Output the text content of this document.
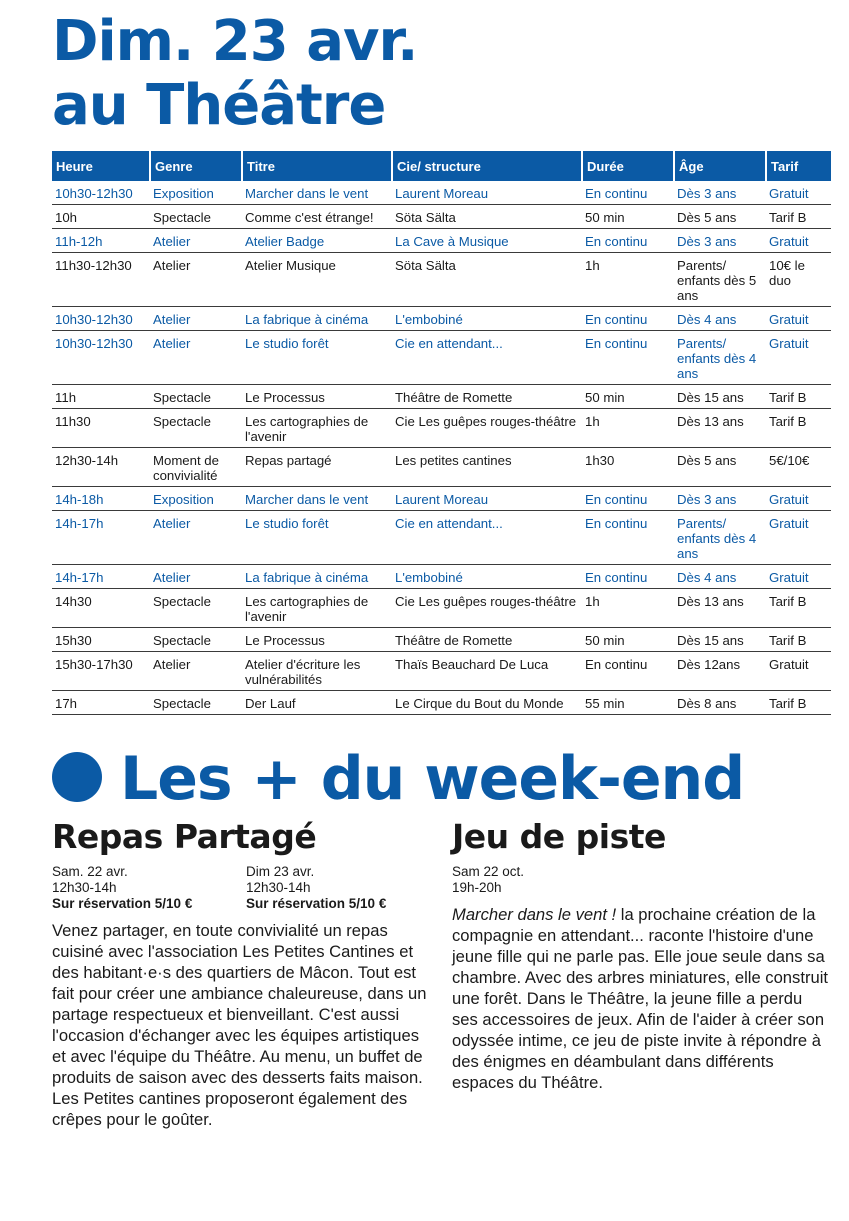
Dim. 23 avr.
au Théâtre
Heure	Genre	Titre	Cie/ structure	Durée	Âge	Tarif
10h30-12h30	Exposition	Marcher dans le vent	Laurent Moreau	En continu	Dès 3 ans	Gratuit
10h	Spectacle	Comme c'est étrange!	Söta Sälta	50 min	Dès 5 ans	Tarif B
11h-12h	Atelier	Atelier Badge	La Cave à Musique	En continu	Dès 3 ans	Gratuit
11h30-12h30	Atelier	Atelier Musique	Söta Sälta	1h	Parents/ enfants dès 5 ans	10€ le duo
10h30-12h30	Atelier	La fabrique à cinéma	L'embobiné	En continu	Dès 4 ans	Gratuit
10h30-12h30	Atelier	Le studio forêt	Cie en attendant...	En continu	Parents/ enfants dès 4 ans	Gratuit
11h	Spectacle	Le Processus	Théâtre de Romette	50 min	Dès 15 ans	Tarif B
11h30	Spectacle	Les cartographies de l'avenir	Cie Les guêpes rouges-théâtre	1h	Dès 13 ans	Tarif B
12h30-14h	Moment de convivialité	Repas partagé	Les petites cantines	1h30	Dès 5 ans	5€/10€
14h-18h	Exposition	Marcher dans le vent	Laurent Moreau	En continu	Dès 3 ans	Gratuit
14h-17h	Atelier	Le studio forêt	Cie en attendant...	En continu	Parents/ enfants dès 4 ans	Gratuit
14h-17h	Atelier	La fabrique à cinéma	L'embobiné	En continu	Dès 4 ans	Gratuit
14h30	Spectacle	Les cartographies de l'avenir	Cie Les guêpes rouges-théâtre	1h	Dès 13 ans	Tarif B
15h30	Spectacle	Le Processus	Théâtre de Romette	50 min	Dès 15 ans	Tarif B
15h30-17h30	Atelier	Atelier d'écriture les vulnérabilités	Thaïs Beauchard De Luca	En continu	Dès 12ans	Gratuit
17h	Spectacle	Der Lauf	Le Cirque du Bout du Monde	55 min	Dès 8 ans	Tarif B
Les + du week-end
Repas Partagé
Sam. 22 avr.
12h30-14h
Sur réservation 5/10 €
Dim 23 avr.
12h30-14h
Sur réservation 5/10 €

Venez partager, en toute convivialité un repas cuisiné avec l'association Les Petites Cantines et des habitant·e·s des quartiers de Mâcon. Tout est fait pour créer une ambiance chaleureuse, dans un partage respectueux et bienveillant. C'est aussi l'occasion d'échanger avec les équipes artistiques et avec l'équipe du Théâtre. Au menu, un buffet de produits de saison avec des desserts faits maison. Les Petites cantines proposeront également des crêpes pour le goûter.

Jeu de piste
Sam 22 oct.
19h-20h

Marcher dans le vent ! la prochaine création de la compagnie en attendant... raconte l'histoire d'une jeune fille qui ne parle pas. Elle joue seule dans sa chambre. Avec des arbres miniatures, elle construit une forêt. Dans le Théâtre, la jeune fille a perdu ses accessoires de jeux. Afin de l'aider à créer son odyssée intime, ce jeu de piste invite à répondre à des énigmes en déambulant dans différents espaces du Théâtre.
